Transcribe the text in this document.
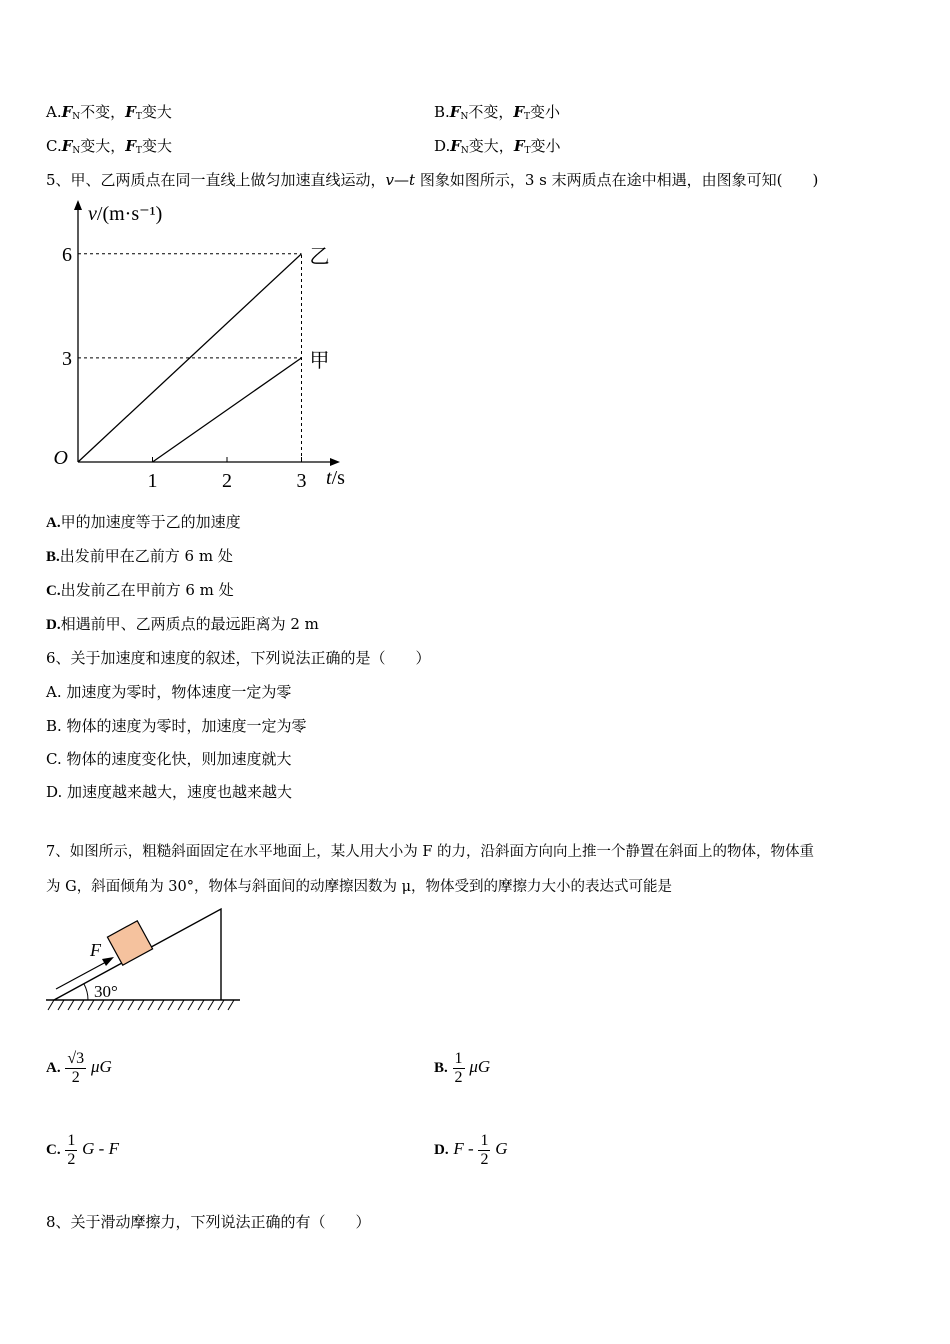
$A.F_N$不变，$F_T$变大	$B.F_N$不变，$F_T$变小
$C.F_N$变大，$F_T$变大	$D.F_N$变大，$F_T$变小
5、甲、乙两质点在同一直线上做匀加速直线运动，v—t 图象如图所示，3 s 末两质点在途中相遇，由图象可知(　　)
乙
甲
1	2	3
3
6
O
v/(m·s⁻¹)
t/s
A.甲的加速度等于乙的加速度
B.出发前甲在乙前方 6 m 处
C.出发前乙在甲前方 6 m 处
D.相遇前甲、乙两质点的最远距离为 2 m
6、关于加速度和速度的叙述，下列说法正确的是（　　）
A. 加速度为零时，物体速度一定为零
B. 物体的速度为零时，加速度一定为零
C. 物体的速度变化快，则加速度就大
D. 加速度越来越大，速度也越来越大
7、如图所示，粗糙斜面固定在水平地面上，某人用大小为 F 的力，沿斜面方向向上推一个静置在斜面上的物体，物体重
为 G，斜面倾角为 30°，物体与斜面间的动摩擦因数为 μ，物体受到的摩擦力大小的表达式可能是
F
30°
A. $\frac{√3}{2}$ μG	B. $\frac{1}{2}$ μG
C. $\frac{1}{2}$ G - F	D. F - $\frac{1}{2}$ G
8、关于滑动摩擦力，下列说法正确的有（　　）
